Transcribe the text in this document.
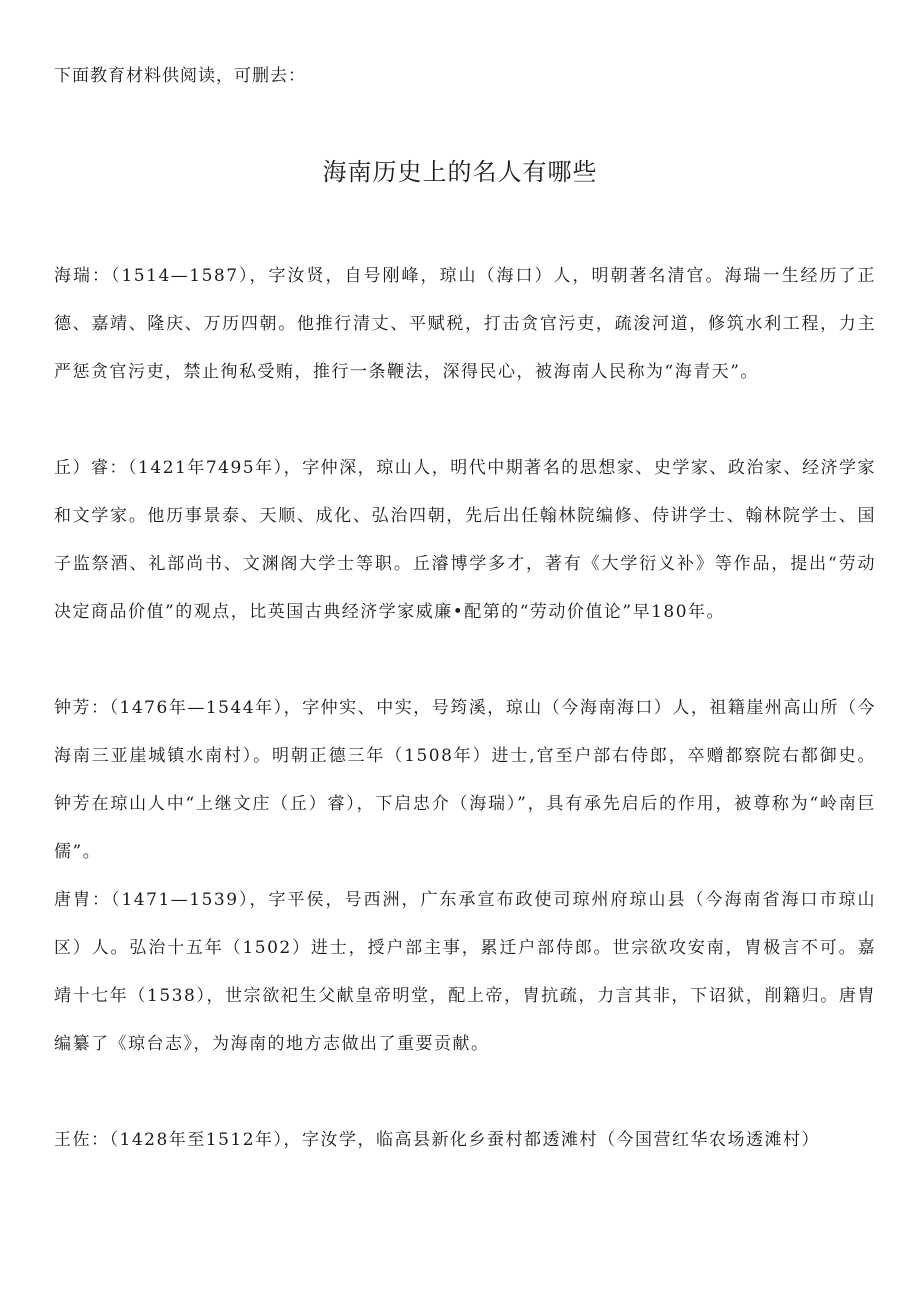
下面教育材料供阅读，可删去：
海南历史上的名人有哪些

海瑞：（1514—1587），字汝贤，自号刚峰，琼山（海口）人，明朝著名清官。海瑞一生经历了正德、嘉靖、隆庆、万历四朝。他推行清丈、平赋税，打击贪官污吏，疏浚河道，修筑水利工程，力主严惩贪官污吏，禁止徇私受贿，推行一条鞭法，深得民心，被海南人民称为“海青天”。

丘）睿：（1421年7495年），字仲深，琼山人，明代中期著名的思想家、史学家、政治家、经济学家和文学家。他历事景泰、天顺、成化、弘治四朝，先后出任翰林院编修、侍讲学士、翰林院学士、国子监祭酒、礼部尚书、文渊阁大学士等职。丘濬博学多才，著有《大学衍义补》等作品，提出“劳动决定商品价值”的观点，比英国古典经济学家威廉•配第的“劳动价值论”早180年。

钟芳：（1476年—1544年），字仲实、中实，号筠溪，琼山（今海南海口）人，祖籍崖州高山所（今海南三亚崖城镇水南村）。明朝正德三年（1508年）进士,官至户部右侍郎，卒赠都察院右都御史。钟芳在琼山人中“上继文庄（丘）睿），下启忠介（海瑞）”，具有承先启后的作用，被尊称为“岭南巨儒”。

唐胄：（1471—1539），字平侯，号西洲，广东承宣布政使司琼州府琼山县（今海南省海口市琼山区）人。弘治十五年（1502）进士，授户部主事，累迁户部侍郎。世宗欲攻安南，胄极言不可。嘉靖十七年（1538），世宗欲祀生父献皇帝明堂，配上帝，胄抗疏，力言其非，下诏狱，削籍归。唐胄编纂了《琼台志》，为海南的地方志做出了重要贡献。

王佐：（1428年至1512年），字汝学，临高县新化乡蚕村都透滩村（今国营红华农场透滩村）
